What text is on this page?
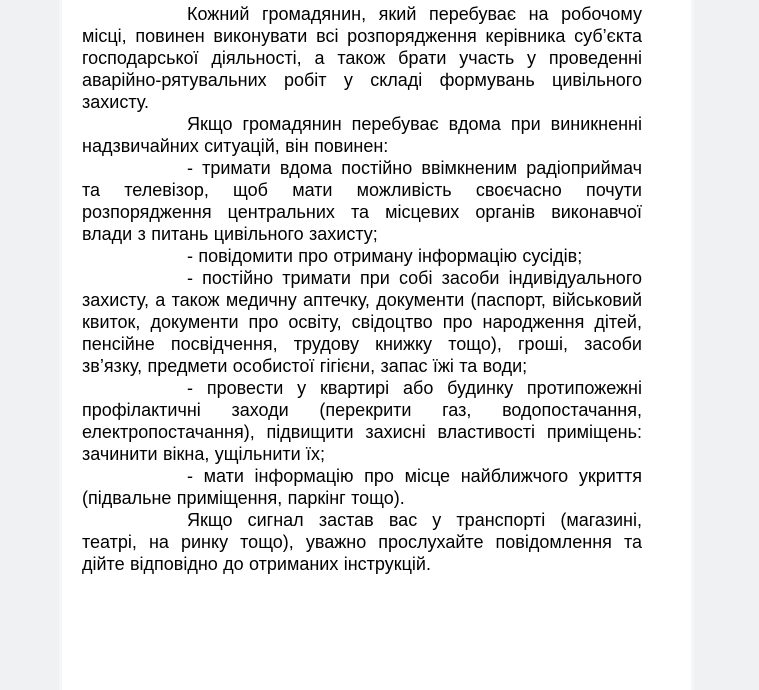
Кожний громадянин, який перебуває на робочому місці, повинен виконувати всі розпорядження керівника суб’єкта господарської діяльності, а також брати участь у проведенні аварійно-рятувальних робіт у складі формувань цивільного захисту.

Якщо громадянин перебуває вдома при виникненні надзвичайних ситуацій, він повинен:

- тримати вдома постійно ввімкненим радіоприймач та телевізор, щоб мати можливість своєчасно почути розпорядження центральних та місцевих органів виконавчої влади з питань цивільного захисту;

- повідомити про отриману інформацію сусідів;

- постійно тримати при собі засоби індивідуального захисту, а також медичну аптечку, документи (паспорт, військовий квиток, документи про освіту, свідоцтво про народження дітей, пенсійне посвідчення, трудову книжку тощо), гроші, засоби зв’язку, предмети особистої гігієни, запас їжі та води;

- провести у квартирі або будинку протипожежні профілактичні заходи (перекрити газ, водопостачання, електропостачання), підвищити захисні властивості приміщень: зачинити вікна, ущільнити їх;

- мати інформацію про місце найближчого укриття (підвальне приміщення, паркінг тощо).

Якщо сигнал застав вас у транспорті (магазині, театрі, на ринку тощо), уважно прослухайте повідомлення та дійте відповідно до отриманих інструкцій.
